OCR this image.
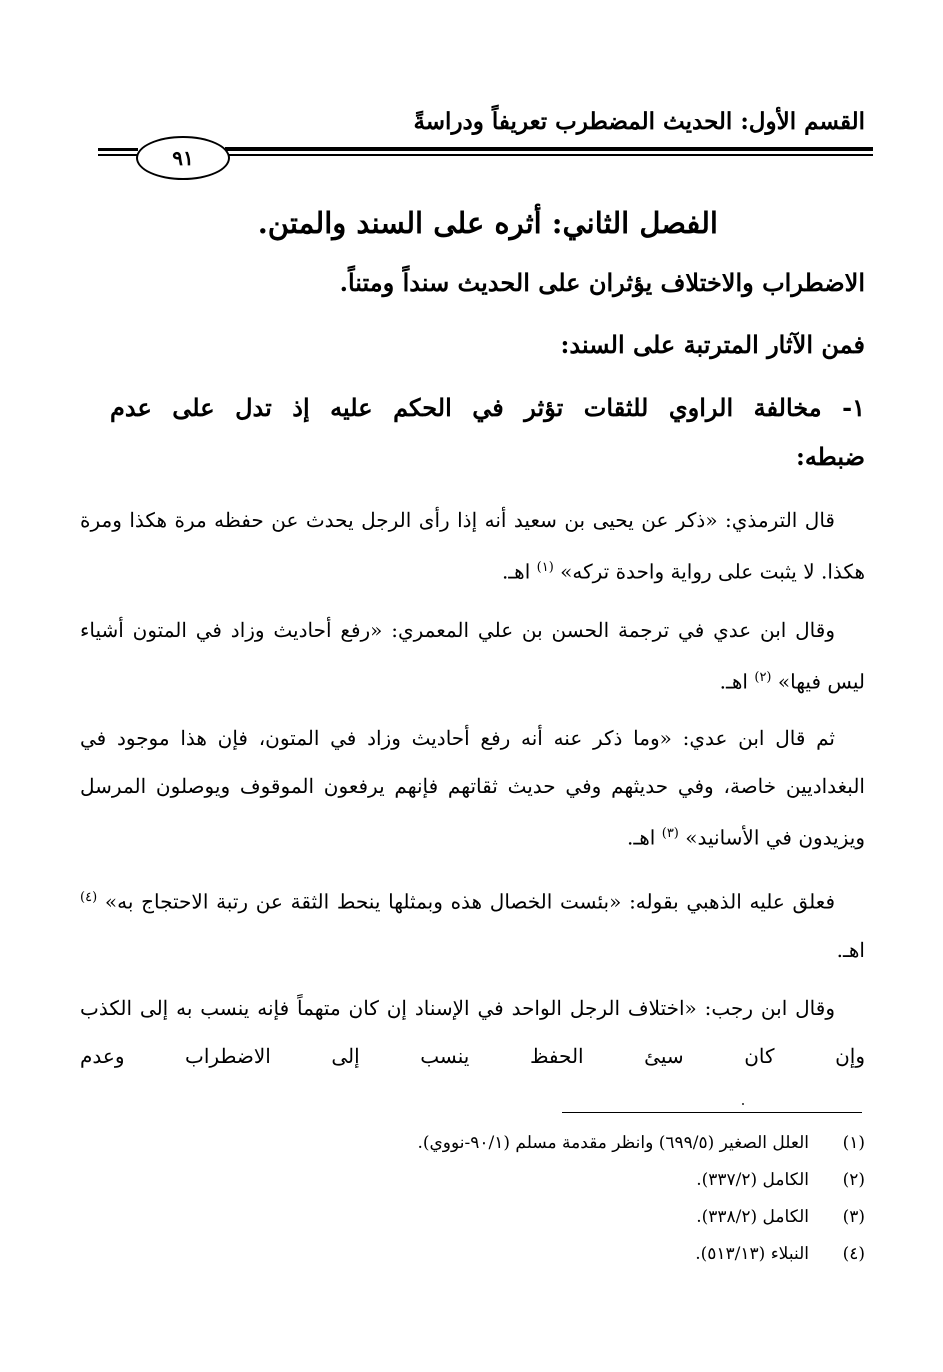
القسم الأول: الحديث المضطرب تعريفاً ودراسةً
٩١
الفصل الثاني: أثره على السند والمتن.
الاضطراب والاختلاف يؤثران على الحديث سنداً ومتناً.
فمن الآثار المترتبة على السند:
١- مخالفة الراوي للثقات تؤثر في الحكم عليه إذ تدل على عدم
ضبطه:
قال الترمذي: «ذكر عن يحيى بن سعيد أنه إذا رأى الرجل يحدث عن حفظه مرة هكذا ومرة هكذا. لا يثبت على رواية واحدة تركه» $^{(١)}$ اهـ.
وقال ابن عدي في ترجمة الحسن بن علي المعمري: «رفع أحاديث وزاد في المتون أشياء ليس فيها» $^{(٢)}$ اهـ.
ثم قال ابن عدي: «وما ذكر عنه أنه رفع أحاديث وزاد في المتون، فإن هذا موجود في البغداديين خاصة، وفي حديثهم وفي حديث ثقاتهم فإنهم يرفعون الموقوف ويوصلون المرسل ويزيدون في الأسانيد» $^{(٣)}$ اهـ.
فعلق عليه الذهبي بقوله: «بئست الخصال هذه وبمثلها ينحط الثقة عن رتبة الاحتجاج به» $^{(٤)}$ اهـ.
وقال ابن رجب: «اختلاف الرجل الواحد في الإسناد إن كان متهماً فإنه ينسب به إلى الكذب وإن كان سيئ الحفظ ينسب إلى الاضطراب وعدم
(١)
العلل الصغير (٦٩٩/٥) وانظر مقدمة مسلم (٩٠/١-نووي).
(٢)
الكامل (٣٣٧/٢).
(٣)
الكامل (٣٣٨/٢).
(٤)
النبلاء (٥١٣/١٣).
